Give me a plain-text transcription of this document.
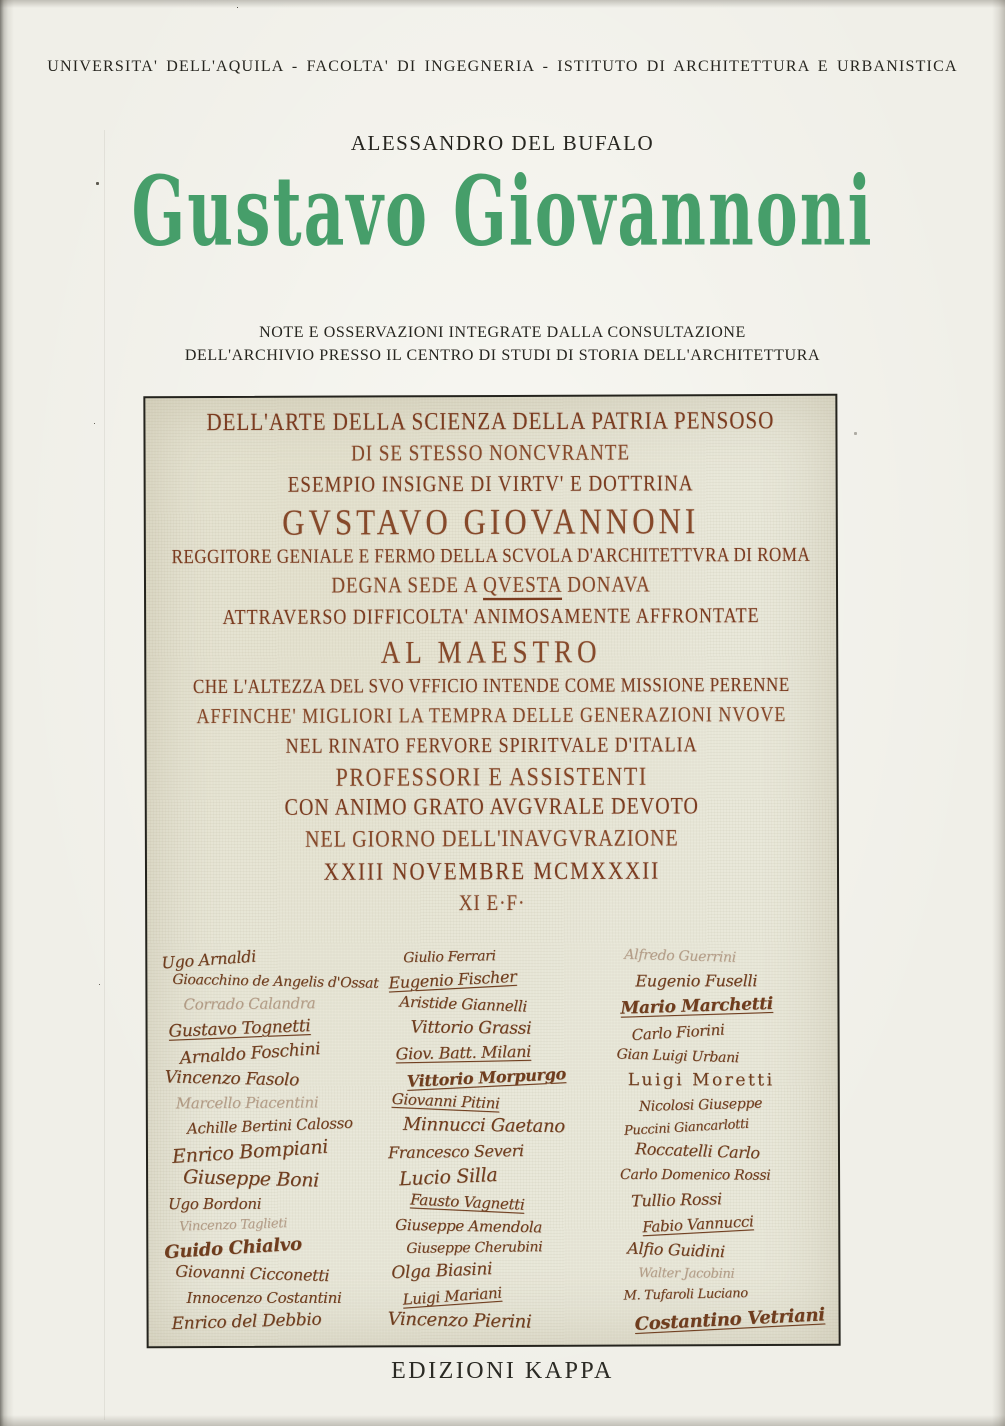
UNIVERSITA' DELL'AQUILA - FACOLTA' DI INGEGNERIA - ISTITUTO DI ARCHITETTURA E URBANISTICA
ALESSANDRO DEL BUFALO
Gustavo Giovannoni
NOTE E OSSERVAZIONI INTEGRATE DALLA CONSULTAZIONE
DELL'ARCHIVIO PRESSO IL CENTRO DI STUDI DI STORIA DELL'ARCHITETTURA
DELL'ARTE DELLA SCIENZA DELLA PATRIA PENSOSO
DI SE STESSO NONCVRANTE
ESEMPIO INSIGNE DI VIRTV' E DOTTRINA
GVSTAVO GIOVANNONI
REGGITORE GENIALE E FERMO DELLA SCVOLA D'ARCHITETTVRA DI ROMA
DEGNA SEDE A QVESTA DONAVA
ATTRAVERSO DIFFICOLTA' ANIMOSAMENTE AFFRONTATE
AL MAESTRO
CHE L'ALTEZZA DEL SVO VFFICIO INTENDE COME MISSIONE PERENNE
AFFINCHE' MIGLIORI LA TEMPRA DELLE GENERAZIONI NVOVE
NEL RINATO FERVORE SPIRITVALE D'ITALIA
PROFESSORI E ASSISTENTI
CON ANIMO GRATO AVGVRALE DEVOTO
NEL GIORNO DELL'INAVGVRAZIONE
XXIII NOVEMBRE MCMXXXII
XI E·F·
Ugo Arnaldi
Gioacchino de Angelis d'Ossat
Corrado Calandra
Gustavo Tognetti
Arnaldo Foschini
Vincenzo Fasolo
Marcello Piacentini
Achille Bertini Calosso
Enrico Bompiani
Giuseppe Boni
Ugo Bordoni
Vincenzo Taglieti
Guido Chialvo
Giovanni Cicconetti
Innocenzo Costantini
Enrico del Debbio
Giulio Ferrari
Eugenio Fischer
Aristide Giannelli
Vittorio Grassi
Giov. Batt. Milani
Vittorio Morpurgo
Giovanni Pitini
Minnucci Gaetano
Francesco Severi
Lucio Silla
Fausto Vagnetti
Giuseppe Amendola
Giuseppe Cherubini
Olga Biasini
Luigi Mariani
Vincenzo Pierini
Alfredo Guerrini
Eugenio Fuselli
Mario Marchetti
Carlo Fiorini
Gian Luigi Urbani
Luigi Moretti
Nicolosi Giuseppe
Puccini Giancarlotti
Roccatelli Carlo
Carlo Domenico Rossi
Tullio Rossi
Fabio Vannucci
Alfio Guidini
Walter Jacobini
M. Tufaroli Luciano
Costantino Vetriani
EDIZIONI KAPPA
